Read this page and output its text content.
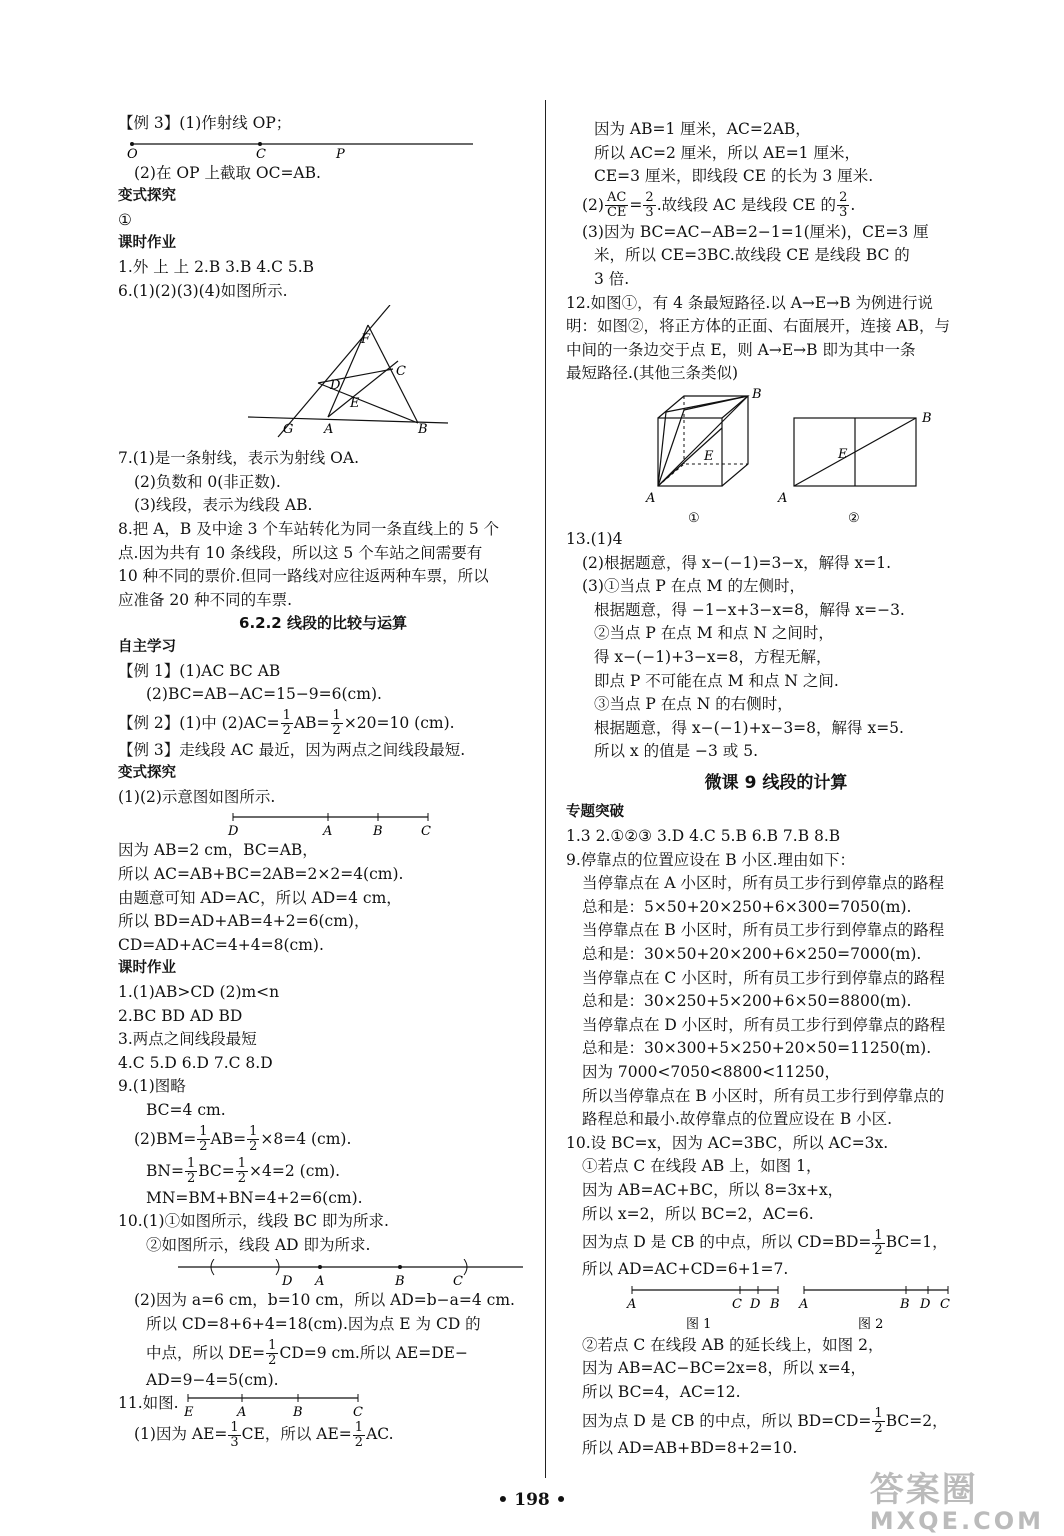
【例 3】(1)作射线 OP；
O	C	P
(2)在 OP 上截取 OC=AB.
变式探究
①
课时作业
1.外 上 上 2.B 3.B 4.C 5.B
6.(1)(2)(3)(4)如图所示.
F
C
D
E
G A	B
7.(1)是一条射线，表示为射线 OA.
(2)负数和 0(非正数).
(3)线段，表示为线段 AB.
8.把 A，B 及中途 3 个车站转化为同一条直线上的 5 个
点.因为共有 10 条线段，所以这 5 个车站之间需要有
10 种不同的票价.但同一路线对应往返两种车票，所以
应准备 20 种不同的车票.
6.2.2 线段的比较与运算
自主学习
【例 1】(1)AC BC AB
(2)BC=AB−AC=15−9=6(cm).
【例 2】(1)中 $(2)AC= \frac{1}{2} AB= \frac{1}{2} \times 20=10$ (cm).
【例 3】走线段 AC 最近，因为两点之间线段最短.
变式探究
(1)(2)示意图如图所示.
D	A	B	C
因为 AB=2 cm，BC=AB，
所以 AC=AB+BC=2AB=2×2=4(cm).
由题意可知 AD=AC，所以 AD=4 cm，
所以 BD=AD+AB=4+2=6(cm)，
CD=AD+AC=4+4=8(cm).
课时作业
1.(1)AB>CD (2)m<n
2.BC BD AD BD
3.两点之间线段最短
4.C 5.D 6.D 7.C 8.D
9.(1)图略
BC=4 cm.
$(2)BM= \frac{1}{2} AB= \frac{1}{2} \times 8=4$ (cm).
$BN= \frac{1}{2} BC= \frac{1}{2} \times 4=2$ (cm).
MN=BM+BN=4+2=6(cm).
10.(1)①如图所示，线段 BC 即为所求.
②如图所示，线段 AD 即为所求.
D A	B	C
(2)因为 a=6 cm，b=10 cm，所以 AD=b−a=4 cm.
所以 CD=8+6+4=18(cm).因为点 E 为 CD 的
中点，所以 $DE= \frac{1}{2} CD=9$ cm.所以 AE=DE−
AD=9−4=5(cm).
11.如图.
E	A	B	C
(1)因为 $AE= \frac{1}{3}$ CE，所以 $AE= \frac{1}{2}$ AC.
因为 AB=1 厘米，AC=2AB，
所以 AC=2 厘米，所以 AE=1 厘米，
CE=3 厘米，即线段 CE 的长为 3 厘米.
$(2) \frac{AC}{CE} = \frac{2}{3}$ .故线段 AC 是线段 CE 的 $\frac{2}{3}$ .
(3)因为 BC=AC−AB=2−1=1(厘米)，CE=3 厘
米，所以 CE=3BC.故线段 CE 是线段 BC 的
3 倍.
12.如图①，有 4 条最短路径.以 A→E→B 为例进行说
明：如图②，将正方体的正面、右面展开，连接 AB，与
中间的一条边交于点 E，则 A→E→B 即为其中一条
最短路径.(其他三条类似)
B
E
A
B
E
A
①	②
13.(1)4
(2)根据题意，得 x−(−1)=3−x，解得 x=1.
(3)①当点 P 在点 M 的左侧时，
根据题意，得 −1−x+3−x=8，解得 x=−3.
②当点 P 在点 M 和点 N 之间时，
得 x−(−1)+3−x=8，方程无解，
即点 P 不可能在点 M 和点 N 之间.
③当点 P 在点 N 的右侧时，
根据题意，得 x−(−1)+x−3=8，解得 x=5.
所以 x 的值是 −3 或 5.
微课 9 线段的计算
专题突破
1.3 2.①②③ 3.D 4.C 5.B 6.B 7.B 8.B
9.停靠点的位置应设在 B 小区.理由如下：
当停靠点在 A 小区时，所有员工步行到停靠点的路程
总和是：5×50+20×250+6×300=7050(m).
当停靠点在 B 小区时，所有员工步行到停靠点的路程
总和是：30×50+20×200+6×250=7000(m).
当停靠点在 C 小区时，所有员工步行到停靠点的路程
总和是：30×250+5×200+6×50=8800(m).
当停靠点在 D 小区时，所有员工步行到停靠点的路程
总和是：30×300+5×250+20×50=11250(m).
因为 7000<7050<8800<11250，
所以当停靠点在 B 小区时，所有员工步行到停靠点的
路程总和最小.故停靠点的位置应设在 B 小区.
10.设 BC=x，因为 AC=3BC，所以 AC=3x.
①若点 C 在线段 AB 上，如图 1，
因为 AB=AC+BC，所以 8=3x+x，
所以 x=2，所以 BC=2，AC=6.
因为点 D 是 CB 的中点，所以 $CD=BD= \frac{1}{2} BC=1$，
所以 AD=AC+CD=6+1=7.
A	C D B A	B D C
图 1	图 2
②若点 C 在线段 AB 的延长线上，如图 2，
因为 AB=AC−BC=2x=8，所以 x=4，
所以 BC=4，AC=12.
因为点 D 是 CB 的中点，所以 $BD=CD= \frac{1}{2} BC=2$，
所以 AD=AB+BD=8+2=10.
• 198 •	答案圈
MXQE.COM
